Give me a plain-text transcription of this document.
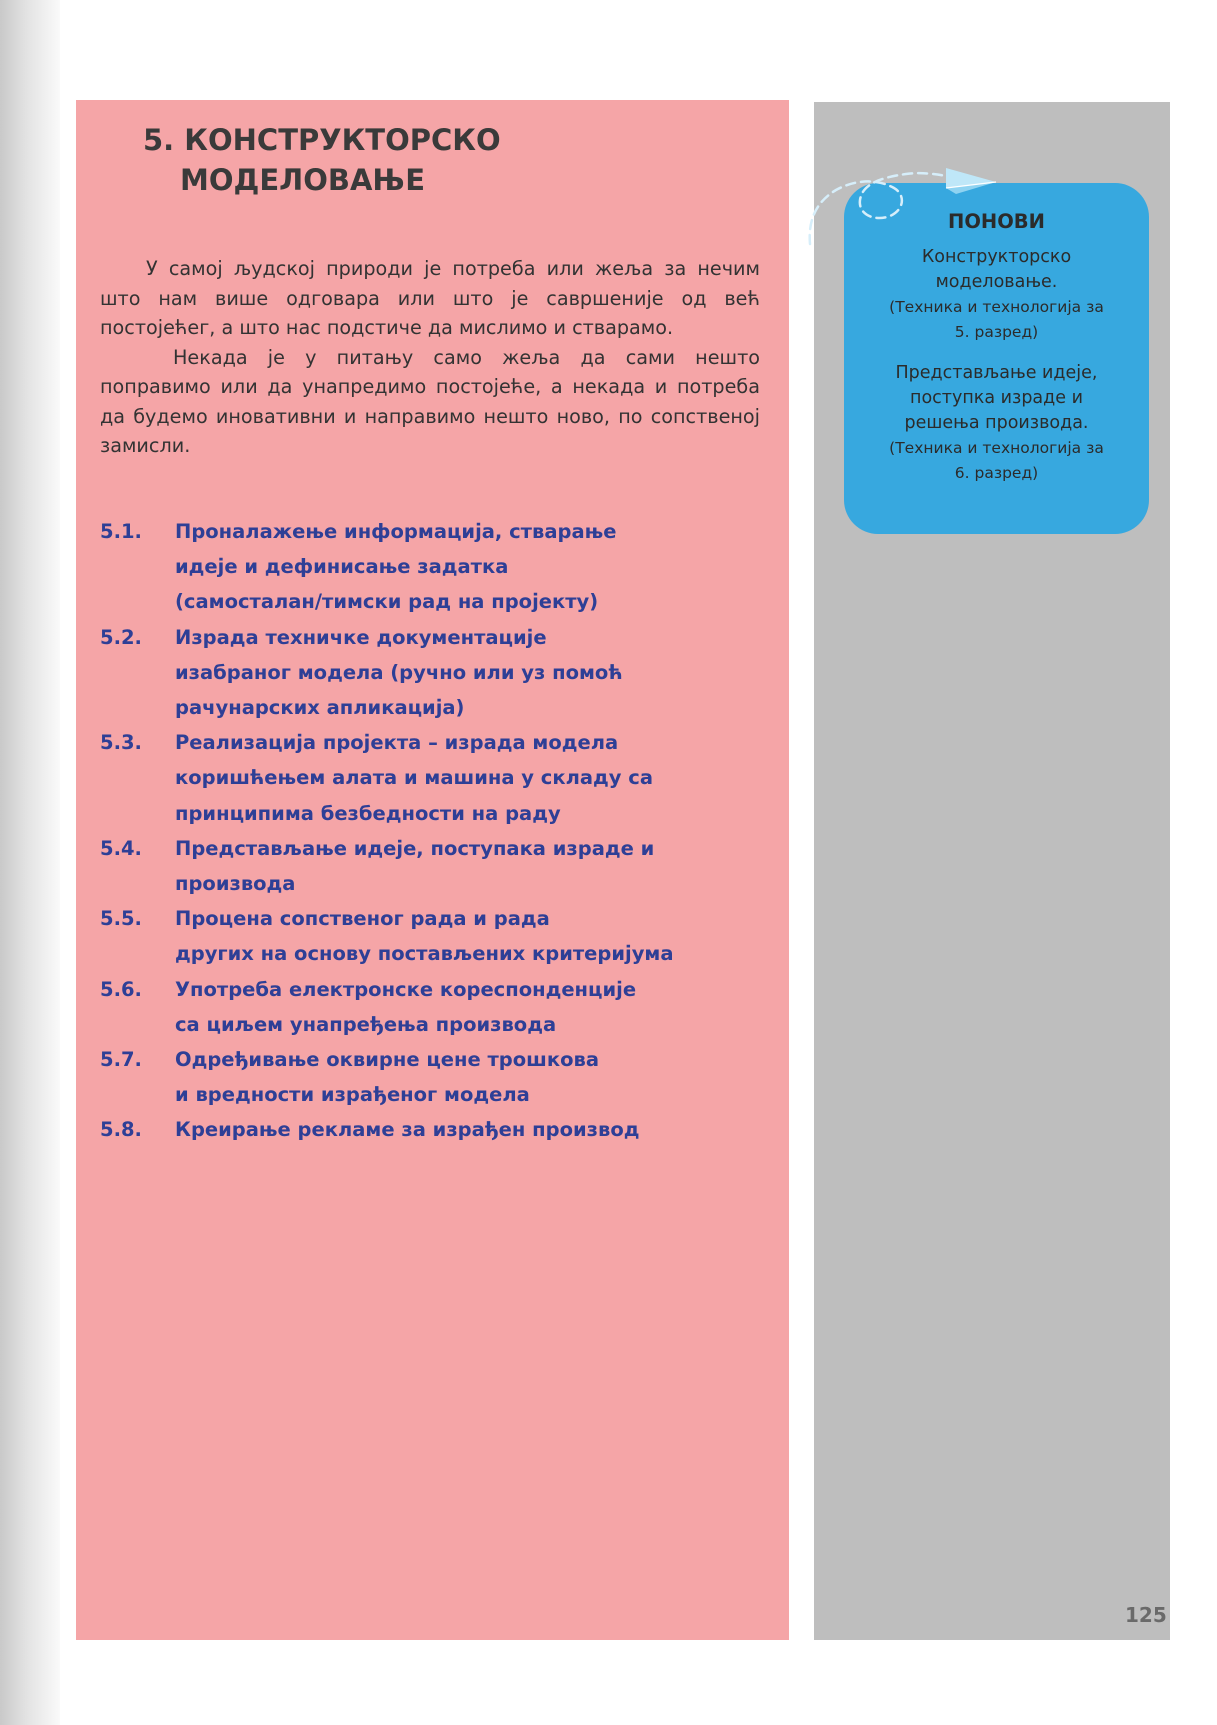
5. КОНСТРУКТОРСКО
МОДЕЛОВАЊЕ

У самој људској природи је потреба или жеља за нечим што нам више одговара или што је савршеније од већ постојећег, а што нас подстиче да мислимо и стварамо.

Некада је у питању само жеља да сами нешто поправимо или да унапредимо постојеће, а некада и потреба да будемо иновативни и направимо нешто ново, по сопственој замисли.

5.1.	Проналажење информација, стварање
идеје и дефинисање задатка
(самосталан/тимски рад на пројекту)
5.2.	Израда техничке документације
изабраног модела (ручно или уз помоћ
рачунарских апликација)
5.3.	Реализација пројекта – израда модела
коришћењем алата и машина у складу са
принципима безбедности на раду
5.4.	Представљање идеје, поступака израде и
производа
5.5.	Процена сопственог рада и рада
других на основу постављених критеријума
5.6.	Употреба електронске кореспонденције
са циљем унапређења производа
5.7.	Одређивање оквирне цене трошкова
и вредности израђеног модела
5.8.	Креирање рекламе за израђен производ
ПОНОВИ
Конструкторско
моделовање.
(Техника и технологија за
5. разред)
Представљање идеје,
поступка израде и
решења производа.
(Техника и технологија за
6. разред)
125
